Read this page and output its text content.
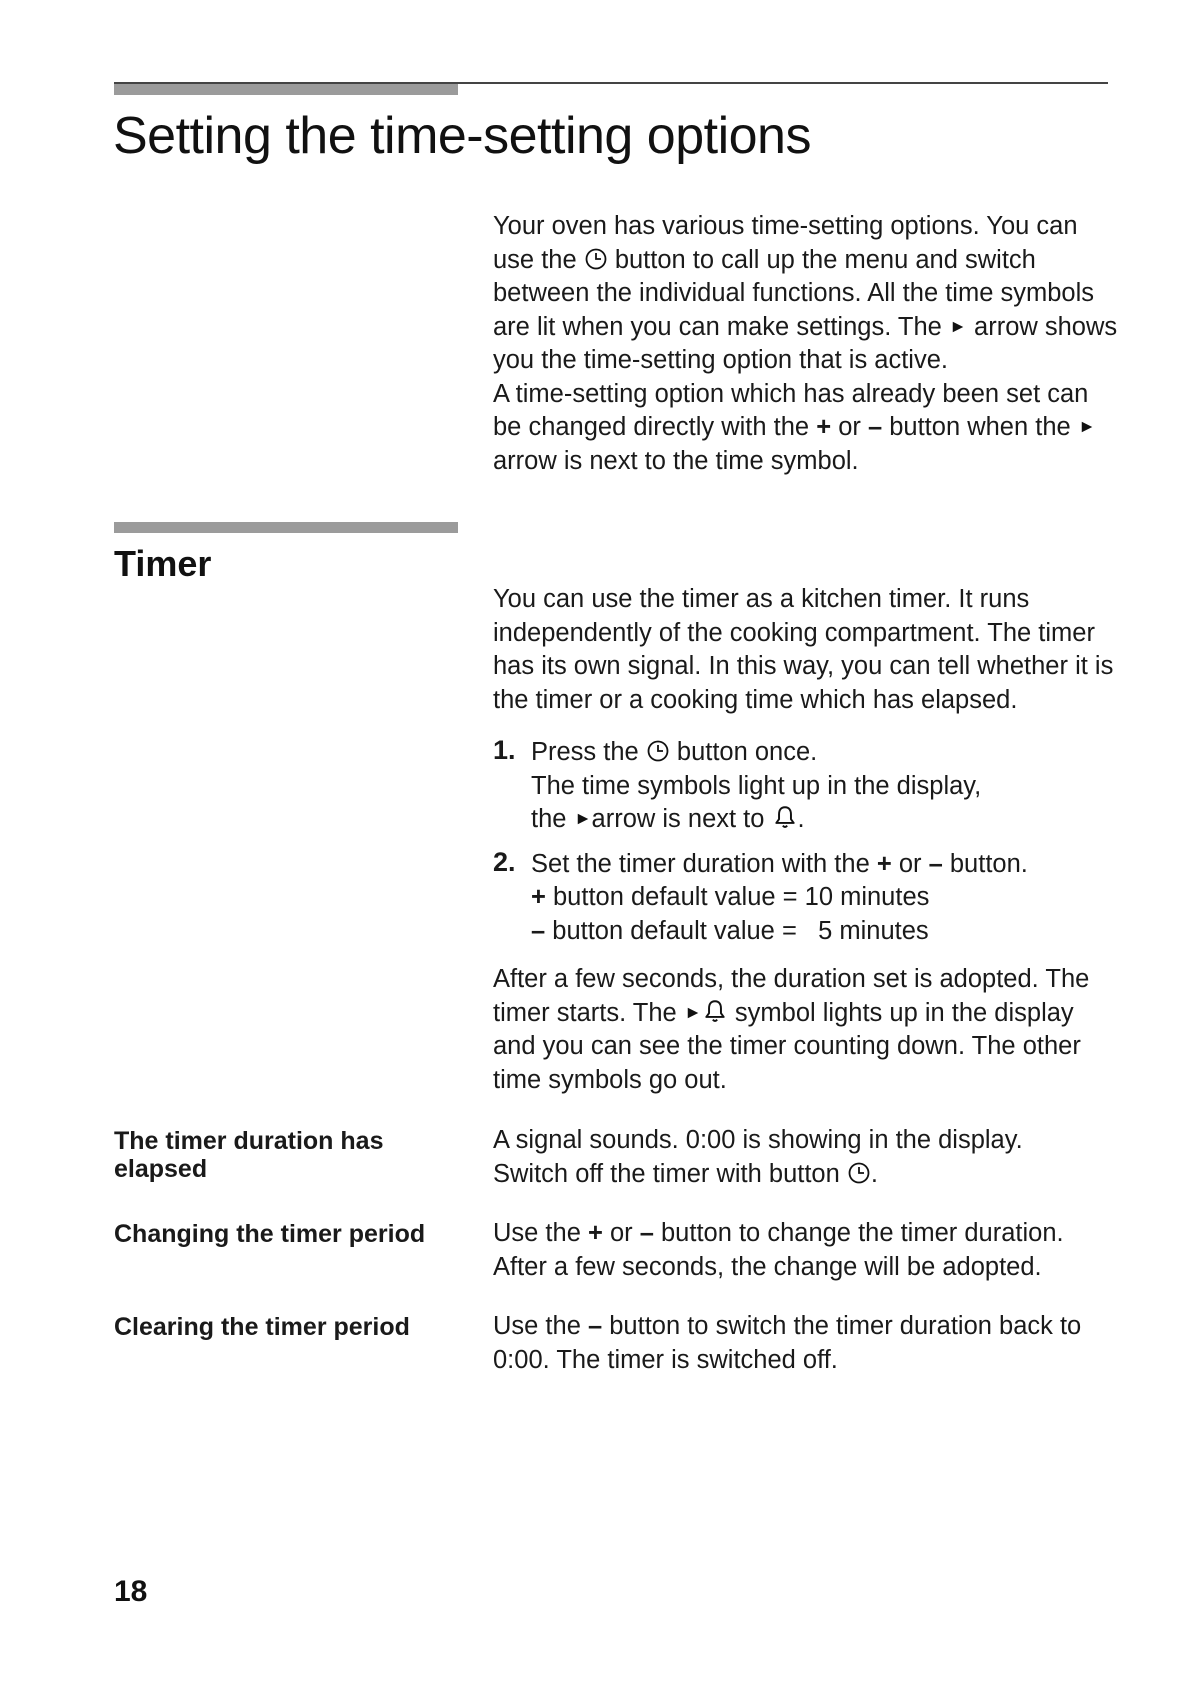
Setting the time-setting options

Your oven has various time-setting options. You can use the  button to call up the menu and switch between the individual functions. All the time symbols are lit when you can make settings. The  arrow shows you the time-setting option that is active.

A time-setting option which has already been set can be changed directly with the + or – button when the  arrow is next to the time symbol.

Timer

You can use the timer as a kitchen timer. It runs independently of the cooking compartment. The timer has its own signal. In this way, you can tell whether it is the timer or a cooking time which has elapsed.

1. Press the  button once.

The time symbols light up in the display,

the arrow is next to .

2. Set the timer duration with the + or – button.

+ button default value = 10 minutes

– button default value =   5 minutes

After a few seconds, the duration set is adopted. The timer starts. The  symbol lights up in the display and you can see the timer counting down. The other time symbols go out.

The timer duration has elapsed

A signal sounds. 0:00 is showing in the display. Switch off the timer with button .

Changing the timer period	Use the + or – button to change the timer duration. After a few seconds, the change will be adopted.

Clearing the timer period	Use the – button to switch the timer duration back to 0:00. The timer is switched off.

18
